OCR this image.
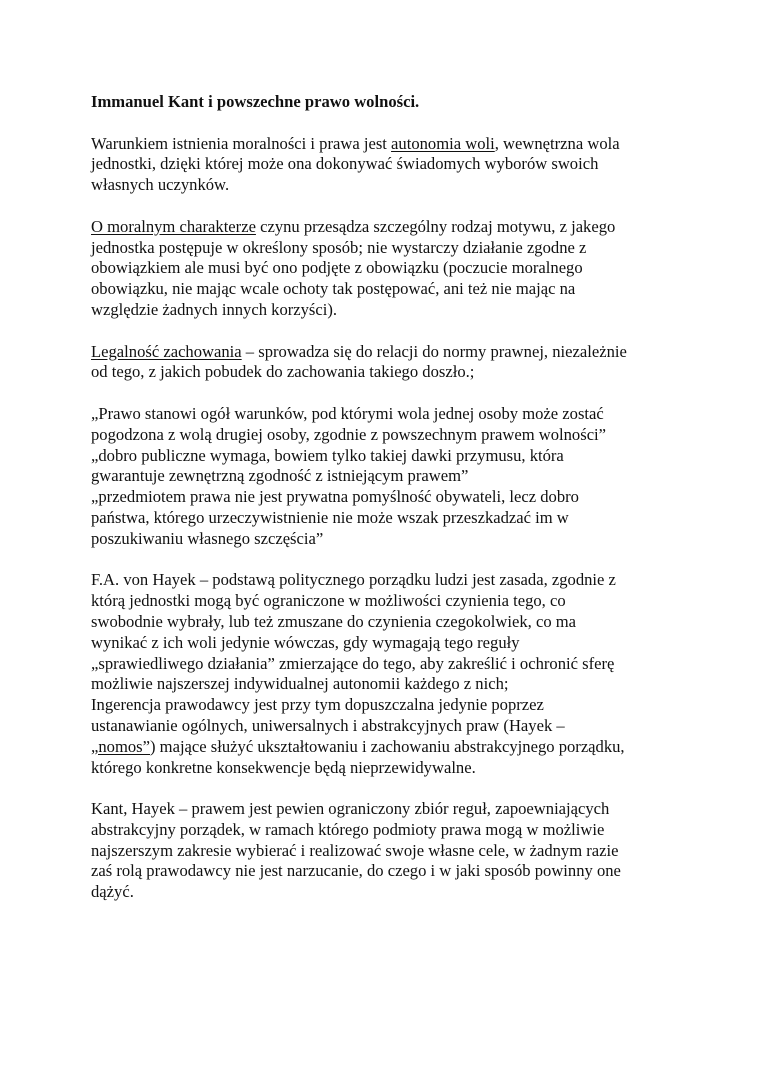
Immanuel Kant i powszechne prawo wolności.

Warunkiem istnienia moralności i prawa jest autonomia woli, wewnętrzna wola
jednostki, dzięki której może ona dokonywać świadomych wyborów swoich
własnych uczynków.

O moralnym charakterze czynu przesądza szczególny rodzaj motywu, z jakego
jednostka postępuje w określony sposób; nie wystarczy działanie zgodne z
obowiązkiem ale musi być ono podjęte z obowiązku (poczucie moralnego
obowiązku, nie mając wcale ochoty tak postępować, ani też nie mając na
względzie żadnych innych korzyści).

Legalność zachowania – sprowadza się do relacji do normy prawnej, niezależnie
od tego, z jakich pobudek do zachowania takiego doszło.;

„Prawo stanowi ogół warunków, pod którymi wola jednej osoby może zostać
pogodzona z wolą drugiej osoby, zgodnie z powszechnym prawem wolności”
„dobro publiczne wymaga, bowiem tylko takiej dawki przymusu, która
gwarantuje zewnętrzną zgodność z istniejącym prawem”
„przedmiotem prawa nie jest prywatna pomyślność obywateli, lecz dobro
państwa, którego urzeczywistnienie nie może wszak przeszkadzać im w
poszukiwaniu własnego szczęścia”

F.A. von Hayek – podstawą politycznego porządku ludzi jest zasada, zgodnie z
którą jednostki mogą być ograniczone w możliwości czynienia tego, co
swobodnie wybrały, lub też zmuszane do czynienia czegokolwiek, co ma
wynikać z ich woli jedynie wówczas, gdy wymagają tego reguły
„sprawiedliwego działania” zmierzające do tego, aby zakreślić i ochronić sferę
możliwie najszerszej indywidualnej autonomii każdego z nich;
Ingerencja prawodawcy jest przy tym dopuszczalna jedynie poprzez
ustanawianie ogólnych, uniwersalnych i abstrakcyjnych praw (Hayek –
„nomos”) mające służyć ukształtowaniu i zachowaniu abstrakcyjnego porządku,
którego konkretne konsekwencje będą nieprzewidywalne.

Kant, Hayek – prawem jest pewien ograniczony zbiór reguł, zapoewniających
abstrakcyjny porządek, w ramach którego podmioty prawa mogą w możliwie
najszerszym zakresie wybierać i realizować swoje własne cele, w żadnym razie
zaś rolą prawodawcy nie jest narzucanie, do czego i w jaki sposób powinny one
dążyć.
